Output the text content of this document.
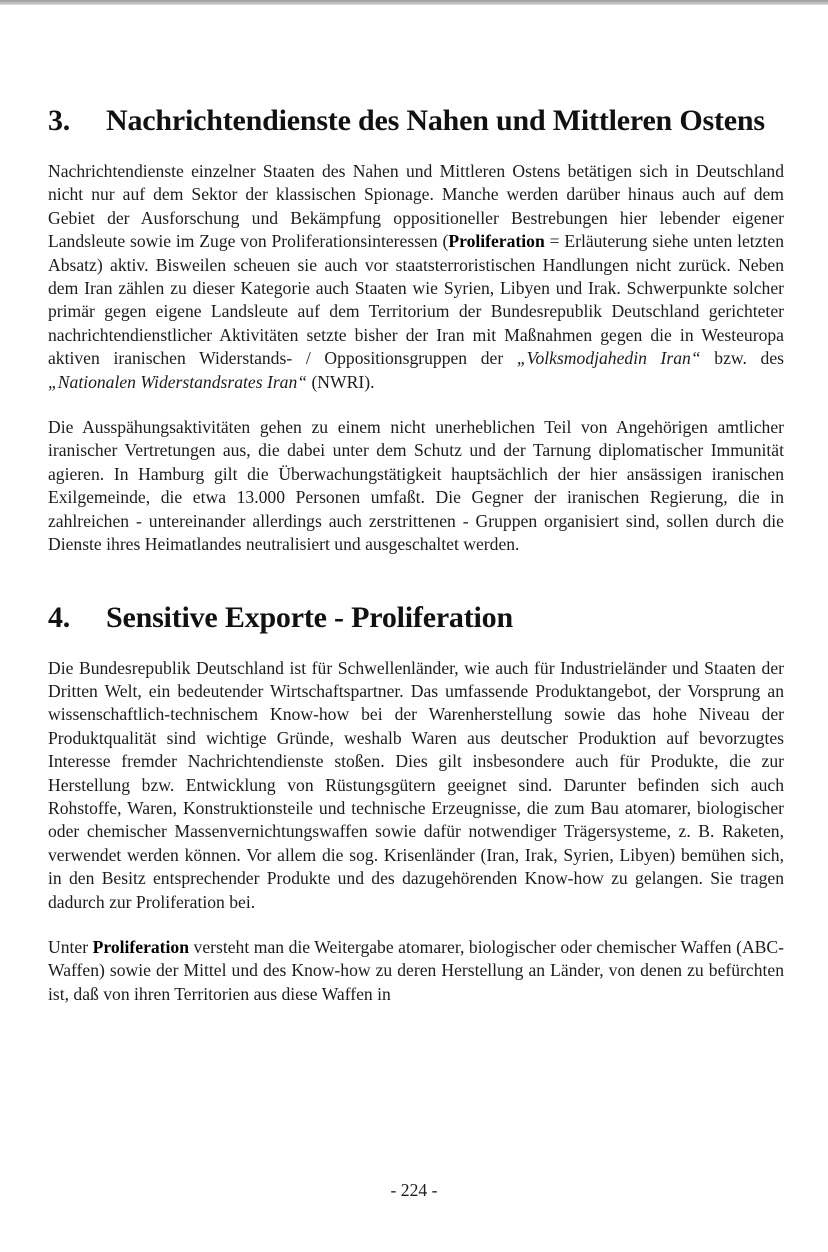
3.	Nachrichtendienste des Nahen und Mittleren Ostens

Nachrichtendienste einzelner Staaten des Nahen und Mittleren Ostens betätigen sich in Deutschland nicht nur auf dem Sektor der klassischen Spionage. Manche werden darüber hinaus auch auf dem Gebiet der Ausforschung und Bekämpfung oppositioneller Bestrebungen hier lebender eigener Landsleute sowie im Zuge von Proliferationsinteressen (Proliferation = Erläuterung siehe unten letzten Absatz) aktiv. Bisweilen scheuen sie auch vor staatsterroristischen Handlungen nicht zurück. Neben dem Iran zählen zu dieser Kategorie auch Staaten wie Syrien, Libyen und Irak. Schwerpunkte solcher primär gegen eigene Landsleute auf dem Territorium der Bundesrepublik Deutschland gerichteter nachrichtendienstlicher Aktivitäten setzte bisher der Iran mit Maßnahmen gegen die in Westeuropa aktiven iranischen Widerstands- / Oppositionsgruppen der „Volksmodjahedin Iran“ bzw. des „Nationalen Widerstandsrates Iran“ (NWRI).

Die Ausspähungsaktivitäten gehen zu einem nicht unerheblichen Teil von Angehörigen amtlicher iranischer Vertretungen aus, die dabei unter dem Schutz und der Tarnung diplomatischer Immunität agieren. In Hamburg gilt die Überwachungstätigkeit hauptsächlich der hier ansässigen iranischen Exilgemeinde, die etwa 13.000 Personen umfaßt. Die Gegner der iranischen Regierung, die in zahlreichen - untereinander allerdings auch zerstrittenen - Gruppen organisiert sind, sollen durch die Dienste ihres Heimatlandes neutralisiert und ausgeschaltet werden.

4.	Sensitive Exporte - Proliferation

Die Bundesrepublik Deutschland ist für Schwellenländer, wie auch für Industrieländer und Staaten der Dritten Welt, ein bedeutender Wirtschaftspartner. Das umfassende Produktangebot, der Vorsprung an wissenschaftlich-technischem Know-how bei der Warenherstellung sowie das hohe Niveau der Produktqualität sind wichtige Gründe, weshalb Waren aus deutscher Produktion auf bevorzugtes Interesse fremder Nachrichtendienste stoßen. Dies gilt insbesondere auch für Produkte, die zur Herstellung bzw. Entwicklung von Rüstungsgütern geeignet sind. Darunter befinden sich auch Rohstoffe, Waren, Konstruktionsteile und technische Erzeugnisse, die zum Bau atomarer, biologischer oder chemischer Massenvernichtungswaffen sowie dafür notwendiger Trägersysteme, z. B. Raketen, verwendet werden können. Vor allem die sog. Krisenländer (Iran, Irak, Syrien, Libyen) bemühen sich, in den Besitz entsprechender Produkte und des dazugehörenden Know-how zu gelangen. Sie tragen dadurch zur Proliferation bei.

Unter Proliferation versteht man die Weitergabe atomarer, biologischer oder chemischer Waffen (ABC-Waffen) sowie der Mittel und des Know-how zu deren Herstellung an Länder, von denen zu befürchten ist, daß von ihren Territorien aus diese Waffen in

- 224 -
